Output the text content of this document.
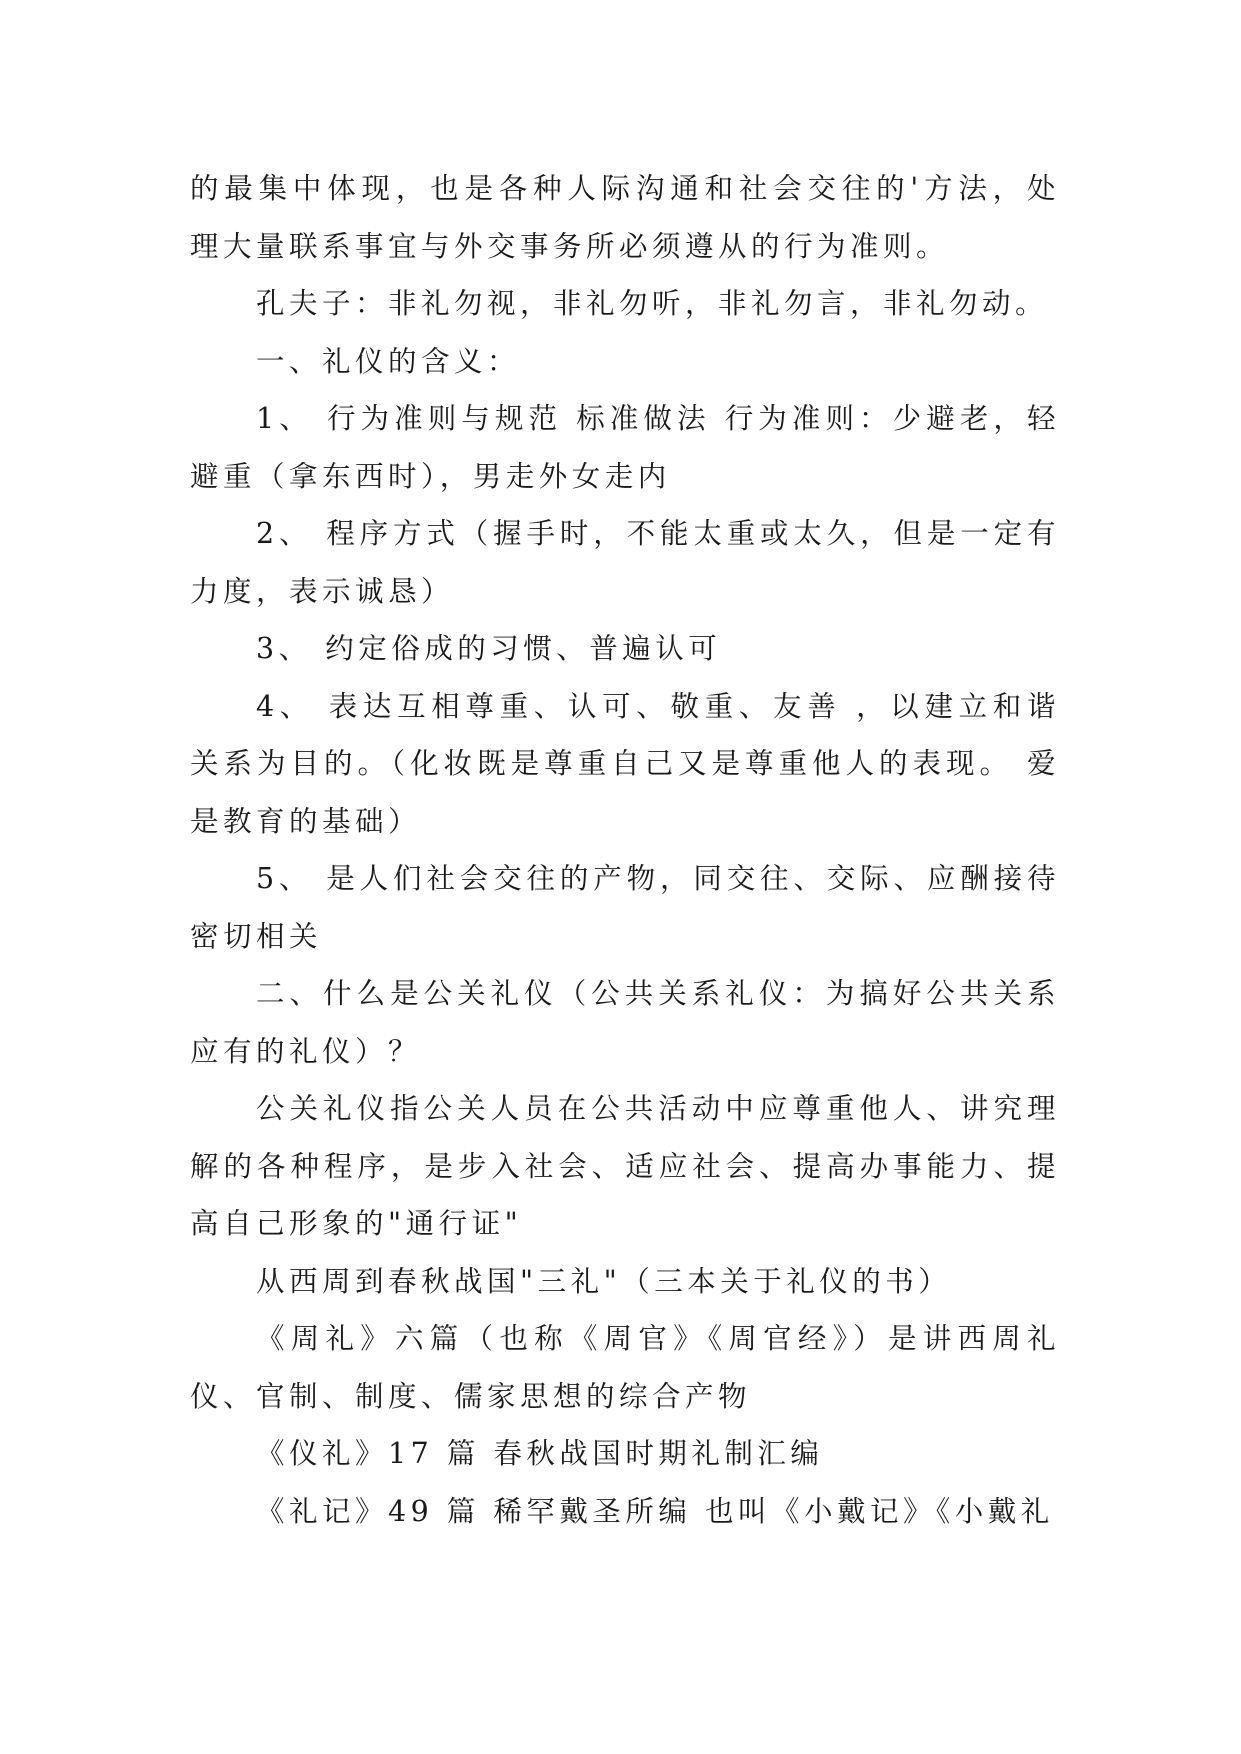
的最集中体现，也是各种人际沟通和社会交往的'方法，处理大量联系事宜与外交事务所必须遵从的行为准则。

孔夫子：非礼勿视，非礼勿听，非礼勿言，非礼勿动。

一、礼仪的含义：

1、 行为准则与规范 标准做法 行为准则：少避老，轻避重（拿东西时），男走外女走内

2、 程序方式（握手时，不能太重或太久，但是一定有力度，表示诚恳）

3、 约定俗成的习惯、普遍认可

4、 表达互相尊重、认可、敬重、友善 ，以建立和谐关系为目的。（化妆既是尊重自己又是尊重他人的表现。 爱是教育的基础）

5、 是人们社会交往的产物，同交往、交际、应酬接待密切相关

二、什么是公关礼仪（公共关系礼仪：为搞好公共关系应有的礼仪）？

公关礼仪指公关人员在公共活动中应尊重他人、讲究理解的各种程序，是步入社会、适应社会、提高办事能力、提高自己形象的"通行证"

从西周到春秋战国"三礼"（三本关于礼仪的书）

《周礼》六篇（也称《周官》《周官经》）是讲西周礼仪、官制、制度、儒家思想的综合产物

《仪礼》17 篇 春秋战国时期礼制汇编

《礼记》49 篇 稀罕戴圣所编 也叫《小戴记》《小戴礼
